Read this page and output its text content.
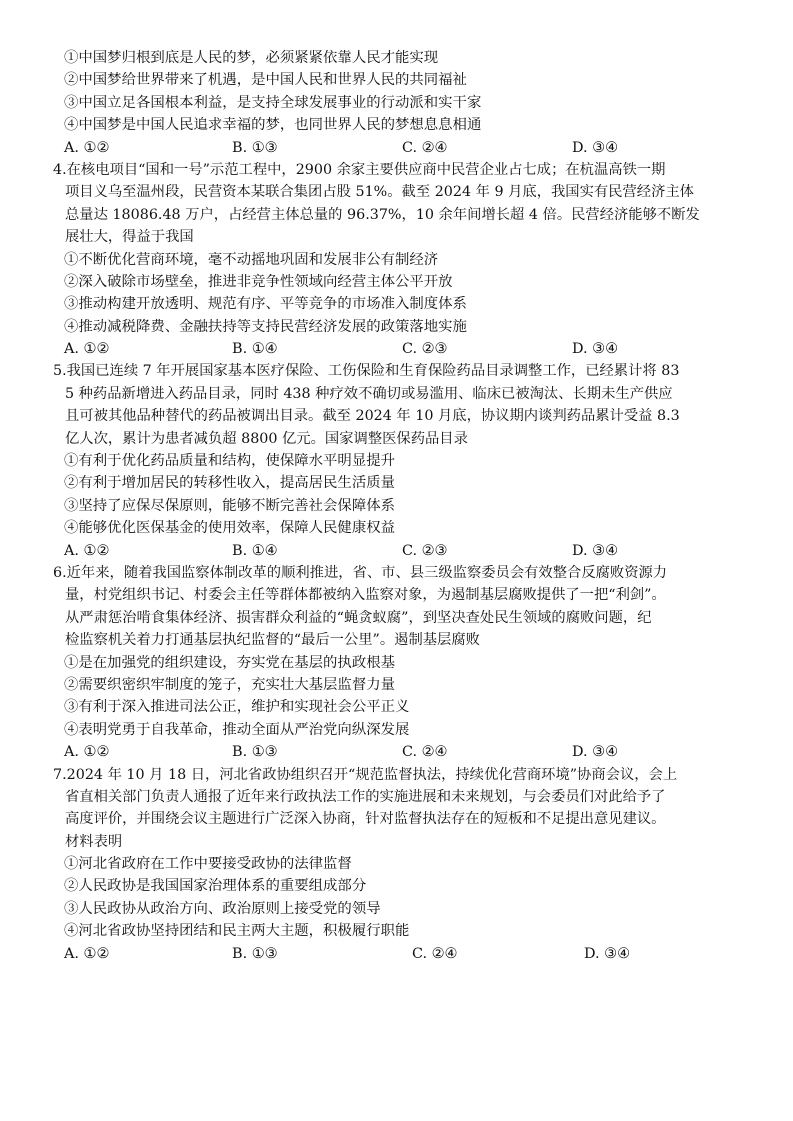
①中国梦归根到底是人民的梦，必须紧紧依靠人民才能实现
②中国梦给世界带来了机遇，是中国人民和世界人民的共同福祉
③中国立足各国根本利益，是支持全球发展事业的行动派和实干家
④中国梦是中国人民追求幸福的梦，也同世界人民的梦想息息相通
A. ①②	B. ①③	C. ②④	D. ③④
4.在核电项目“国和一号”示范工程中，2900 余家主要供应商中民营企业占七成；在杭温高铁一期
项目义乌至温州段，民营资本某联合集团占股 51%。截至 2024 年 9 月底，我国实有民营经济主体
总量达 18086.48 万户，占经营主体总量的 96.37%，10 余年间增长超 4 倍。民营经济能够不断发
展壮大，得益于我国
①不断优化营商环境，毫不动摇地巩固和发展非公有制经济
②深入破除市场壁垒，推进非竞争性领域向经营主体公平开放
③推动构建开放透明、规范有序、平等竞争的市场准入制度体系
④推动减税降费、金融扶持等支持民营经济发展的政策落地实施
A. ①②	B. ①④	C. ②③	D. ③④
5.我国已连续 7 年开展国家基本医疗保险、工伤保险和生育保险药品目录调整工作，已经累计将 83
5 种药品新增进入药品目录，同时 438 种疗效不确切或易滥用、临床已被淘汰、长期未生产供应
且可被其他品种替代的药品被调出目录。截至 2024 年 10 月底，协议期内谈判药品累计受益 8.3
亿人次，累计为患者减负超 8800 亿元。国家调整医保药品目录
①有利于优化药品质量和结构，使保障水平明显提升
②有利于增加居民的转移性收入，提高居民生活质量
③坚持了应保尽保原则，能够不断完善社会保障体系
④能够优化医保基金的使用效率，保障人民健康权益
A. ①②	B. ①④	C. ②③	D. ③④
6.近年来，随着我国监察体制改革的顺利推进，省、市、县三级监察委员会有效整合反腐败资源力
量，村党组织书记、村委会主任等群体都被纳入监察对象，为遏制基层腐败提供了一把“利剑”。
从严肃惩治啃食集体经济、损害群众利益的“蝇贪蚁腐”，到坚决查处民生领域的腐败问题，纪
检监察机关着力打通基层执纪监督的“最后一公里”。遏制基层腐败
①是在加强党的组织建设，夯实党在基层的执政根基
②需要织密织牢制度的笼子，充实壮大基层监督力量
③有利于深入推进司法公正，维护和实现社会公平正义
④表明党勇于自我革命，推动全面从严治党向纵深发展
A. ①②	B. ①③	C. ②④	D. ③④
7.2024 年 10 月 18 日，河北省政协组织召开“规范监督执法，持续优化营商环境”协商会议，会上
省直相关部门负责人通报了近年来行政执法工作的实施进展和未来规划，与会委员们对此给予了
高度评价，并围绕会议主题进行广泛深入协商，针对监督执法存在的短板和不足提出意见建议。
材料表明
①河北省政府在工作中要接受政协的法律监督
②人民政协是我国国家治理体系的重要组成部分
③人民政协从政治方向、政治原则上接受党的领导
④河北省政协坚持团结和民主两大主题，积极履行职能
A. ①②	B. ①③	C. ②④	D. ③④
